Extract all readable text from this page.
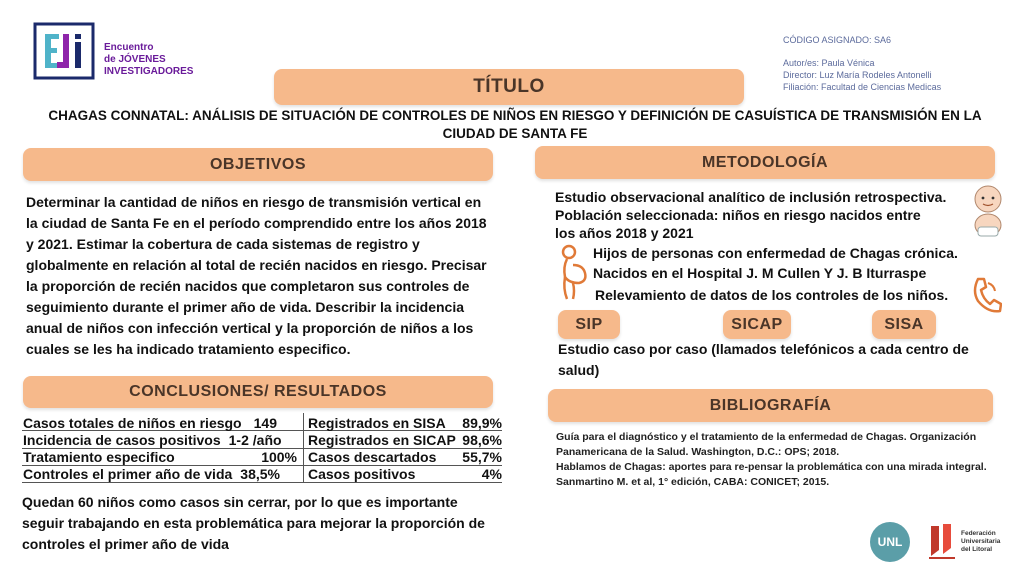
Encuentro
de JÓVENES
INVESTIGADORES
CÓDIGO ASIGNADO: SA6
Autor/es: Paula Vénica
Director: Luz María Rodeles Antonelli
Filiación: Facultad de Ciencias Medicas
TÍTULO
CHAGAS CONNATAL: ANÁLISIS DE SITUACIÓN DE CONTROLES DE NIÑOS EN RIESGO Y DEFINICIÓN DE CASUÍSTICA DE TRANSMISIÓN EN LA CIUDAD DE SANTA FE
OBJETIVOS
Determinar la cantidad de niños en riesgo de transmisión vertical en la ciudad de Santa Fe en el período comprendido entre los años 2018 y 2021. Estimar la cobertura de cada sistemas de registro y globalmente en relación al total de recién nacidos en riesgo. Precisar la proporción de recién nacidos que completaron sus controles de seguimiento durante el primer año de vida. Describir la incidencia anual de niños con infección vertical y la proporción de niños a los cuales se les ha indicado tratamiento especifico.
CONCLUSIONES/ RESULTADOS
Casos totales de niños en riesgo 149 Registrados en SISA 89,9%
Incidencia de casos positivos 1-2 /año Registrados en SICAP 98,6%
Tratamiento especifico	100% Casos descartados 55,7%
Controles el primer año de vida 38,5% Casos positivos	4%
Quedan 60 niños como casos sin cerrar, por lo que es importante seguir trabajando en esta problemática para mejorar la proporción de controles el primer año de vida
METODOLOGÍA
Estudio observacional analítico de inclusión retrospectiva.
Población seleccionada: niños en riesgo nacidos entre
los años 2018 y 2021
Hijos de personas con enfermedad de Chagas crónica.
Nacidos en el Hospital J. M Cullen Y J. B Iturraspe
Relevamiento de datos de los controles de los niños.
SIP	SICAP	SISA
Estudio caso por caso (llamados telefónicos a cada centro de salud)
BIBLIOGRAFÍA
Guía para el diagnóstico y el tratamiento de la enfermedad de Chagas. Organización Panamericana de la Salud. Washington, D.C.: OPS; 2018.
Hablamos de Chagas: aportes para re-pensar la problemática con una mirada integral. Sanmartino M. et al, 1° edición, CABA: CONICET; 2015.
UNL
Federación
Universitaria
del Litoral
